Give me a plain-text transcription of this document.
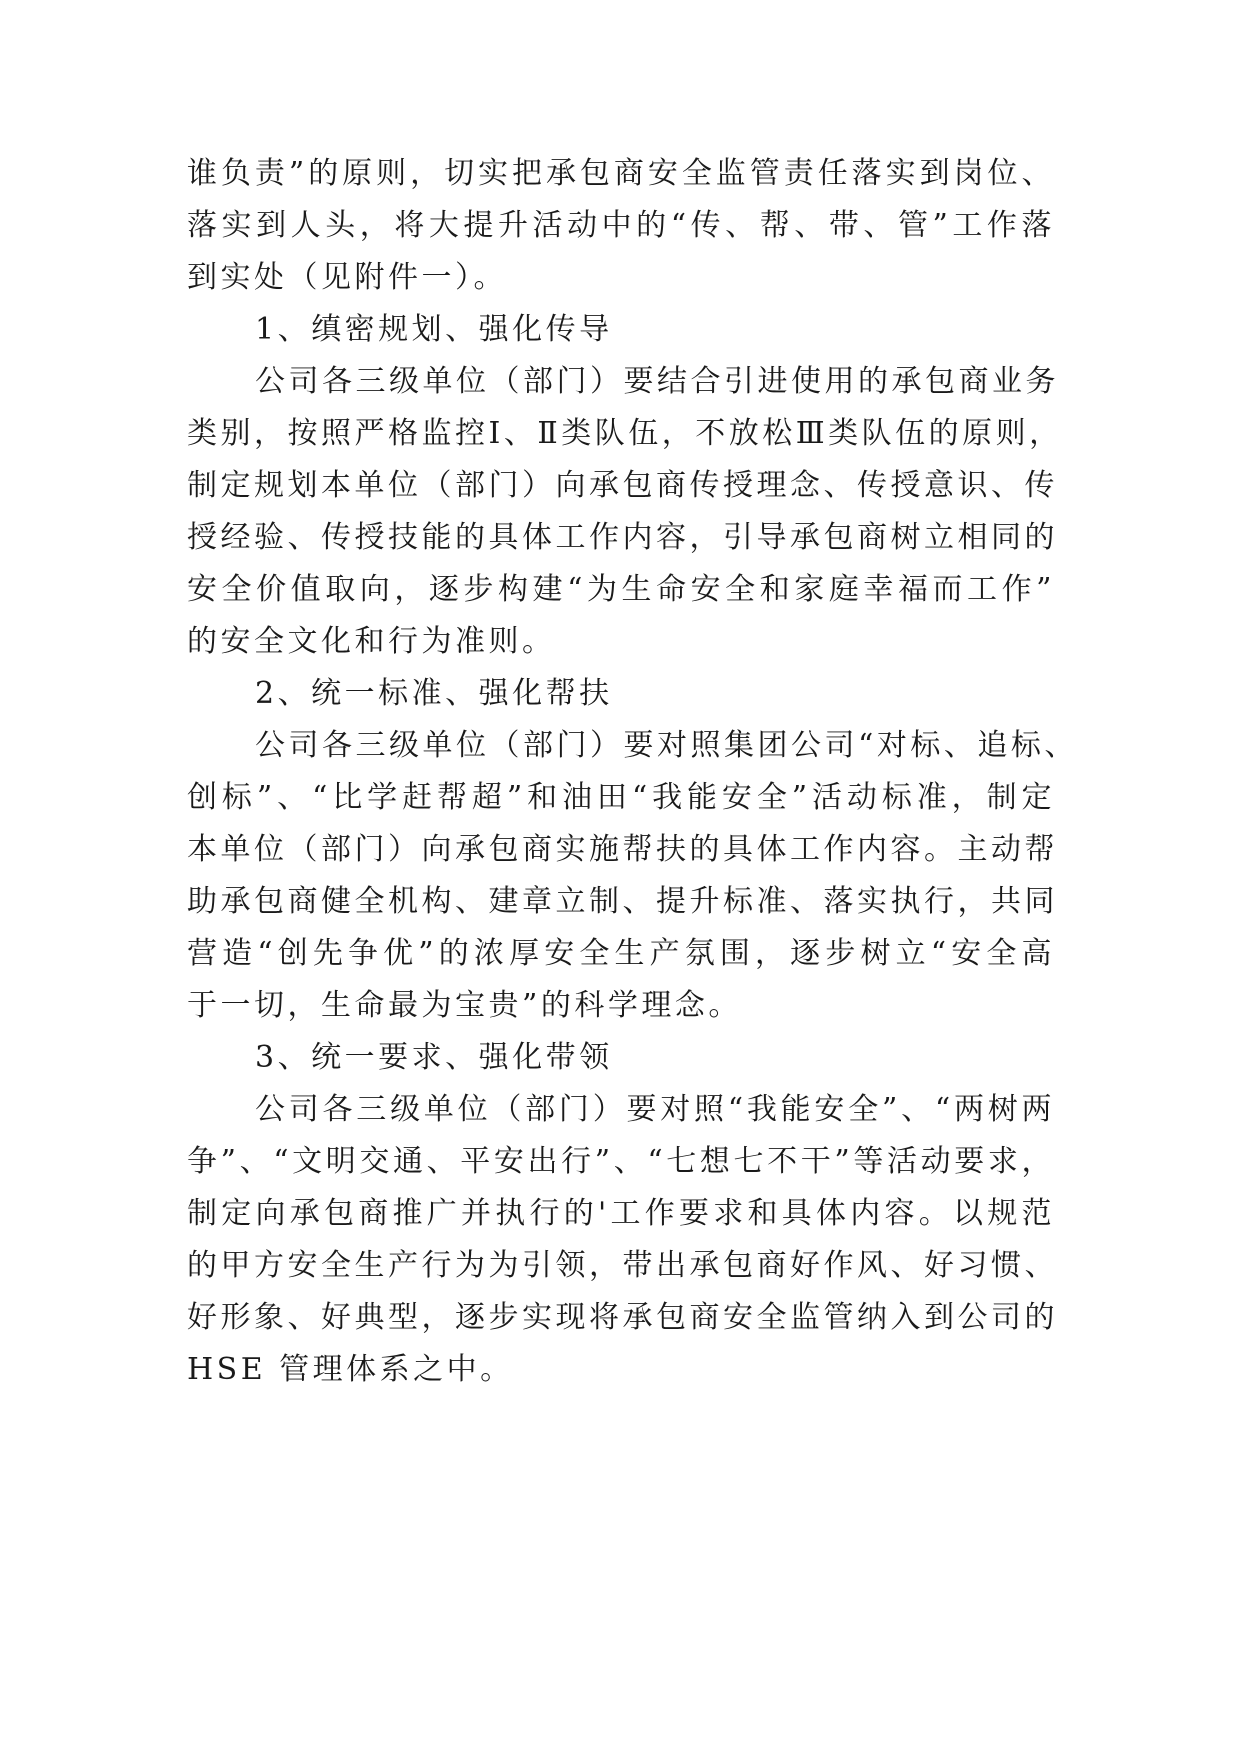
谁负责”的原则，切实把承包商安全监管责任落实到岗位、
落实到人头，将大提升活动中的“传、帮、带、管”工作落
到实处（见附件一）。
1、缜密规划、强化传导
公司各三级单位（部门）要结合引进使用的承包商业务
类别，按照严格监控Ⅰ、Ⅱ类队伍，不放松Ⅲ类队伍的原则，
制定规划本单位（部门）向承包商传授理念、传授意识、传
授经验、传授技能的具体工作内容，引导承包商树立相同的
安全价值取向，逐步构建“为生命安全和家庭幸福而工作”
的安全文化和行为准则。
2、统一标准、强化帮扶
公司各三级单位（部门）要对照集团公司“对标、追标、
创标”、“比学赶帮超”和油田“我能安全”活动标准，制定
本单位（部门）向承包商实施帮扶的具体工作内容。主动帮
助承包商健全机构、建章立制、提升标准、落实执行，共同
营造“创先争优”的浓厚安全生产氛围，逐步树立“安全高
于一切，生命最为宝贵”的科学理念。
3、统一要求、强化带领
公司各三级单位（部门）要对照“我能安全”、“两树两
争”、“文明交通、平安出行”、“七想七不干”等活动要求，
制定向承包商推广并执行的'工作要求和具体内容。以规范
的甲方安全生产行为为引领，带出承包商好作风、好习惯、
好形象、好典型，逐步实现将承包商安全监管纳入到公司的
HSE 管理体系之中。
